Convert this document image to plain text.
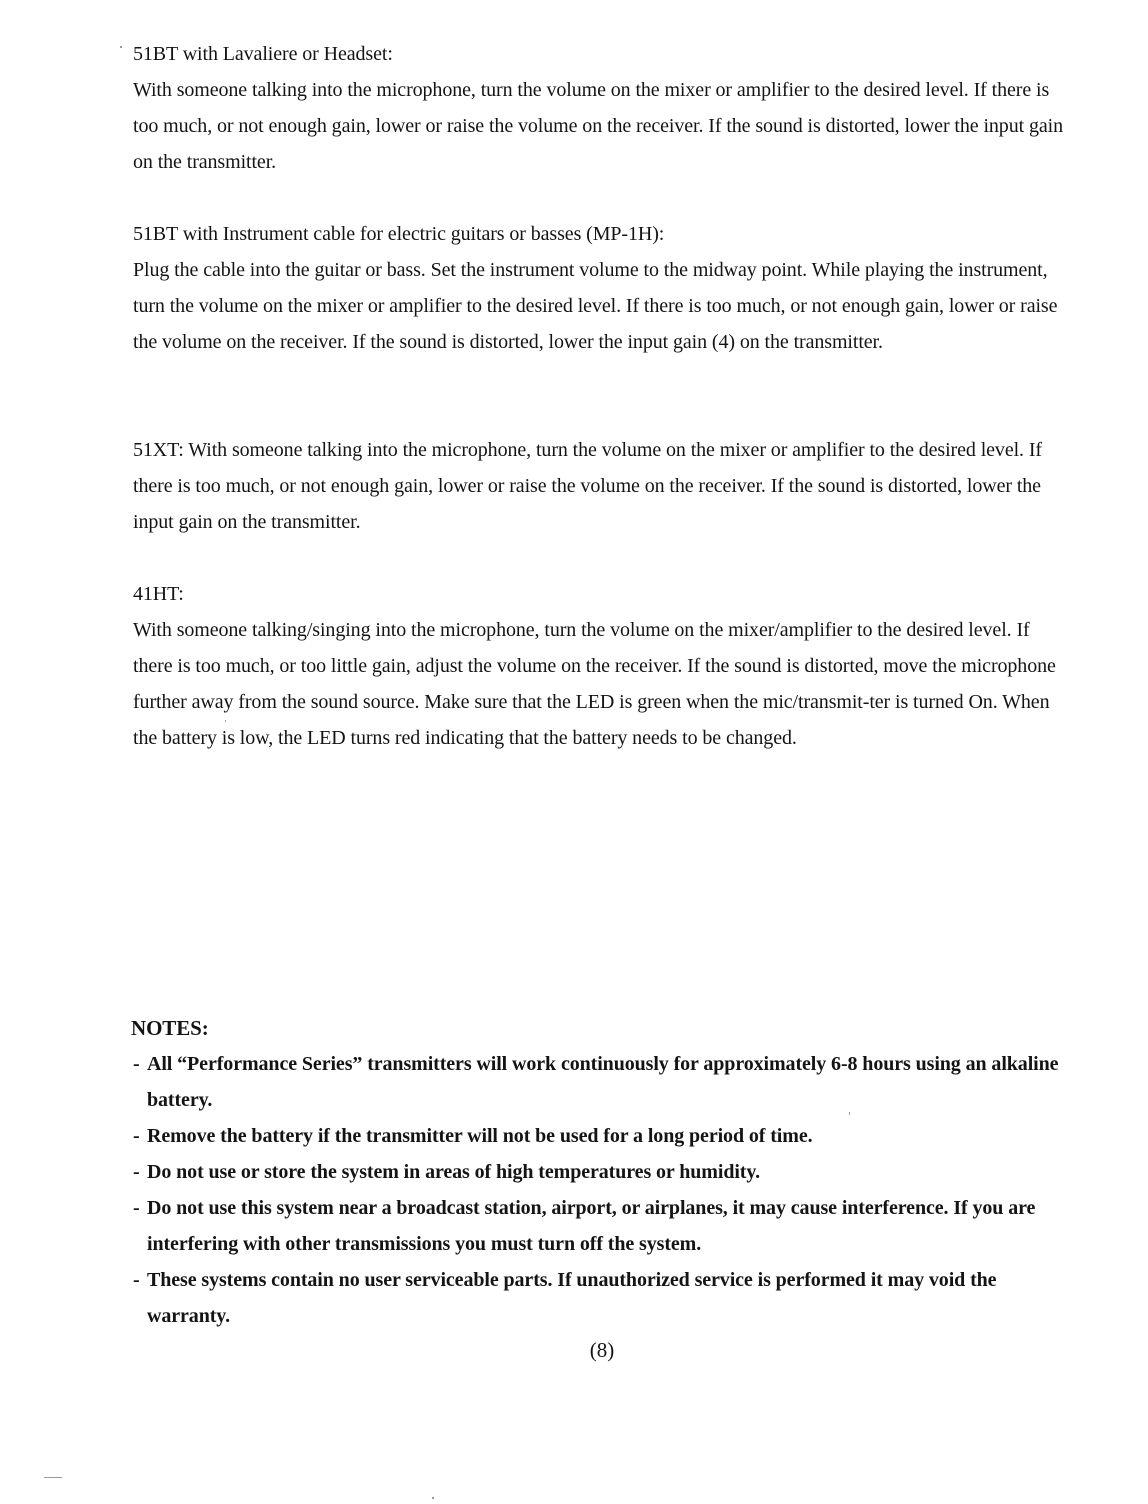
51BT with Lavaliere or Headset:

With someone talking into the microphone, turn the volume on the mixer or amplifier to the desired level. If there is too much, or not enough gain, lower or raise the volume on the receiver. If the sound is distorted, lower the input gain on the transmitter.

51BT with Instrument cable for electric guitars or basses (MP-1H):

Plug the cable into the guitar or bass. Set the instrument volume to the midway point. While playing the instrument, turn the volume on the mixer or amplifier to the desired level. If there is too much, or not enough gain, lower or raise the volume on the receiver. If the sound is distorted, lower the input gain (4) on the transmitter.

51XT: With someone talking into the microphone, turn the volume on the mixer or amplifier to the desired level. If there is too much, or not enough gain, lower or raise the volume on the receiver. If the sound is distorted, lower the input gain on the transmitter.

41HT:

With someone talking/singing into the microphone, turn the volume on the mixer/amplifier to the desired level. If there is too much, or too little gain, adjust the volume on the receiver. If the sound is distorted, move the microphone further away from the sound source. Make sure that the LED is green when the mic/transmit-ter is turned On. When the battery is low, the LED turns red indicating that the battery needs to be changed.

NOTES:
- All “Performance Series” transmitters will work continuously for approximately 6-8 hours using an alkaline battery.
- Remove the battery if the transmitter will not be used for a long period of time.
- Do not use or store the system in areas of high temperatures or humidity.
- Do not use this system near a broadcast station, airport, or airplanes, it may cause interference. If you are interfering with other transmissions you must turn off the system.
- These systems contain no user serviceable parts. If unauthorized service is performed it may void the warranty.
(8)
